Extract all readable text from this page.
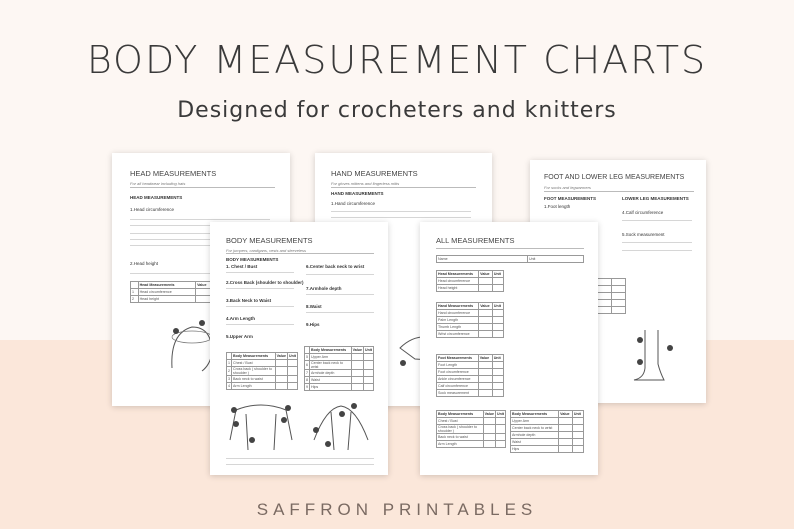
BODY MEASUREMENT CHARTS
Designed for crocheters and knitters
HEAD MEASUREMENTS
For all headwear including hats
HEAD MEASUREMENTS
1.Head circumference
2.Head height
	Head Measurements	Value	
1	Head circumference		
2	Head height		
HAND MEASUREMENTS
For gloves mittens and fingerless mitts
HAND MEASUREMENTS
1.Hand circumference
FOOT AND LOWER LEG MEASUREMENTS
For socks and legwarmers
FOOT MEASUREMENTS	LOWER LEG MEASUREMENTS
1.Foot length
4.Calf circumference
5.Sock measurement

BODY MEASUREMENTS
For jumpers, cardigans, vests and sleeveless
BODY MEASUREMENTS
1. Chest / Bust
2.Cross Back (shoulder to shoulder)
3.Back Neck to Waist
4.Arm Length
5.Upper Arm
6.Center back neck to wrist
7.Armhole depth
8.Waist
9.Hips
	Body Measurements	Value	Unit
1	Chest / Bust		
2	Cross back ( shoulder to shoulder )		
3	Back neck to waist		
4	Arm Length		
	Body Measurements	Value	Unit
5	Upper Arm		
6	Center back neck to wrist		
7	Armhole depth		
8	Waist		
9	Hips		
ALL MEASUREMENTS
Name	Unit
Head Measurements	Value	Unit
Head circumference		
Head height		
Hand Measurements	Value	Unit
Hand circumference		
Palm Length		
Thumb Length		
Wrist circumference		
Foot Measurements	Value	Unit
Foot Length		
Foot circumference		
Ankle circumference		
Calf circumference		
Sock measurement		
Body Measurements	Value	Unit
Chest / Bust		
Cross back ( shoulder to shoulder )		
Back neck to waist		
Arm Length		
Body Measurements	Value	Unit
Upper Arm		
Center back neck to wrist		
Armhole depth		
Waist		
Hips		
SAFFRON PRINTABLES
